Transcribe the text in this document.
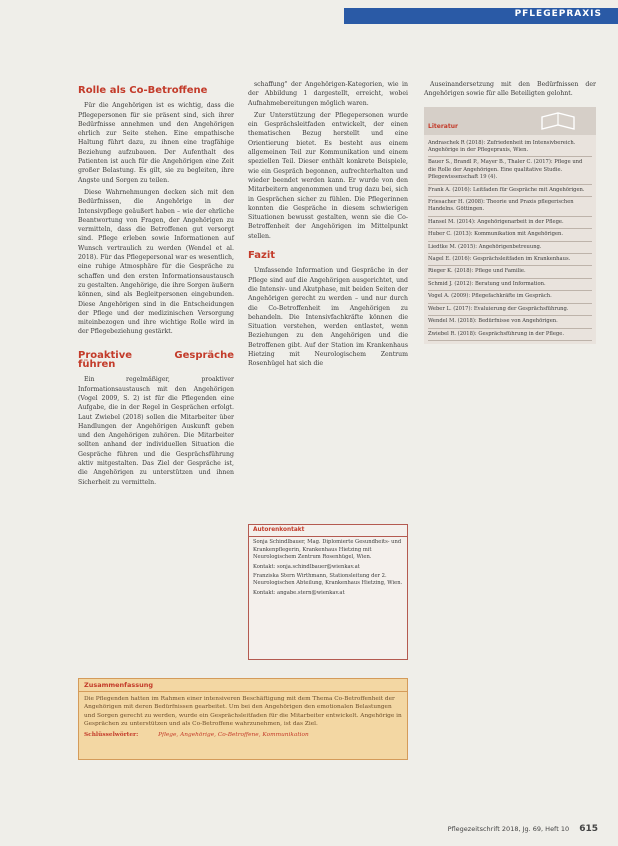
PFLEGEPRAXIS
Rolle als Co-Betroffene

Für die Angehörigen ist es wichtig, dass die Pflegepersonen für sie präsent sind, sich ihrer Bedürfnisse annehmen und den Angehörigen ehrlich zur Seite stehen. Eine empathische Haltung führt dazu, zu ihnen eine tragfähige Beziehung aufzubauen. Der Aufenthalt des Patienten ist auch für die Angehörigen eine Zeit großer Belastung. Es gilt, sie zu begleiten, ihre Angste und Sorgen zu teilen.

Diese Wahrnehmungen decken sich mit den Bedürfnissen, die Angehörige in der Intensivpflege geäußert haben – wie der ehrliche Beantwortung von Fragen, der Angehörigen zu vermitteln, dass die Betroffenen gut versorgt sind. Pflege erleben sowie Informationen auf Wunsch vertraulich zu werden (Wendel et al. 2018). Für das Pflegepersonal war es wesentlich, eine ruhige Atmosphäre für die Gespräche zu schaffen und den ersten Informationsaustausch zu gestalten. Angehörige, die ihre Sorgen äußern können, sind als Begleitpersonen eingebunden. Diese Angehörigen sind in die Entscheidungen der Pflege und der medizinischen Versorgung miteinbezogen und ihre wichtige Rolle wird in der Pflegebeziehung gestärkt.

Proaktive Gespräche führen

Ein regelmäßiger, proaktiver Informationsaustausch mit den Angehörigen (Vogel 2009, S. 2) ist für die Pflegenden eine Aufgabe, die in der Regel in Gesprächen erfolgt. Laut Zwiebel (2018) sollen die Mitarbeiter über Handlungen der Angehörigen Auskunft geben und den Angehörigen zuhören. Die Mitarbeiter sollten anhand der individuellen Situation die Gespräche führen und die Gesprächsführung aktiv mitgestalten. Das Ziel der Gespräche ist, die Angehörigen zu unterstützen und ihnen Sicherheit zu vermitteln.

schaffung" der Angehörigen-Kategorien, wie in der Abbildung 1 dargestellt, erreicht, wobei Aufnahmebereitungen möglich waren.

Zur Unterstützung der Pflegepersonen wurde ein Gesprächsleitfaden entwickelt, der einen thematischen Bezug herstellt und eine Orientierung bietet. Es besteht aus einem allgemeinen Teil zur Kommunikation und einem speziellen Teil. Dieser enthält konkrete Beispiele, wie ein Gespräch begonnen, aufrechterhalten und wieder beendet werden kann. Er wurde von den Mitarbeitern angenommen und trug dazu bei, sich in Gesprächen sicher zu fühlen. Die Pflegerinnen konnten die Gespräche in diesem schwierigen Situationen bewusst gestalten, wenn sie die Co-Betroffenheit der Angehörigen im Mittelpunkt stellen.

Fazit

Umfassende Information und Gespräche in der Pflege sind auf die Angehörigen ausgerichtet, und die Intensiv- und Akutphase, mit beiden Seiten der Angehörigen gerecht zu werden – und nur durch die Co-Betroffenheit im Angehörigen zu behandeln. Die Intensivfachkräfte können die Situation verstehen, werden entlastet, wenn Beziehungen zu den Angehörigen und die Betroffenen gibt. Auf der Station im Krankenhaus Hietzing mit Neurologischem Zentrum Rosenhügel hat sich die

Auseinandersetzung mit den Bedürfnissen der Angehörigen sowie für alle Beteiligten gelohnt.

Literatur
Andraschek R (2018): Zufriedenheit im Intensivbereich. Angehörige in der Pflegepraxis, Wien.
Bauer S., Brandl P., Mayer B., Thaler C. (2017): Pflege und die Rolle der Angehörigen. Eine qualitative Studie. Pflegewissenschaft 19 (4).
Frank A. (2016): Leitfaden für Gespräche mit Angehörigen.
Friesacher H. (2008): Theorie und Praxis pflegerischen Handelns. Göttingen.
Hansel M. (2014): Angehörigenarbeit in der Pflege.
Huber C. (2013): Kommunikation mit Angehörigen.
Liedtke M. (2015): Angehörigenbetreuung.
Nagel E. (2016): Gesprächsleitfaden im Krankenhaus.
Rieger K. (2018): Pflege und Familie.
Schmid J. (2012): Beratung und Information.
Vogel A. (2009): Pflegefachkräfte im Gespräch.
Weber L. (2017): Evaluierung der Gesprächsführung.
Wendel M. (2018): Bedürfnisse von Angehörigen.
Zwiebel R. (2018): Gesprächsführung in der Pflege.
Autorenkontakt
Sonja Schindlbauer, Mag. Diplomierte Gesundheits- und Krankenpflegerin, Krankenhaus Hietzing mit Neurologischem Zentrum Rosenhügel, Wien.
Kontakt: sonja.schindlbauer@wienkav.at
Franziska Stern Wirthmann, Stationsleitung der 2. Neurologischen Abteilung, Krankenhaus Hietzing, Wien.
Kontakt: angabe.stern@wienkav.at
Zusammenfassung
Die Pflegenden hatten im Rahmen einer intensiveren Beschäftigung mit dem Thema Co-Betroffenheit der Angehörigen mit deren Bedürfnissen gearbeitet. Um bei den Angehörigen den emotionalen Belastungen und Sorgen gerecht zu werden, wurde ein Gesprächsleitfaden für die Mitarbeiter entwickelt. Angehörige in Gesprächen zu unterstützen und als Co-Betroffene wahrzunehmen, ist das Ziel.
Schlüsselwörter:	Pflege, Angehörige, Co-Betroffene, Kommunikation
Pflegezeitschrift 2018, Jg. 69, Heft 10 615
